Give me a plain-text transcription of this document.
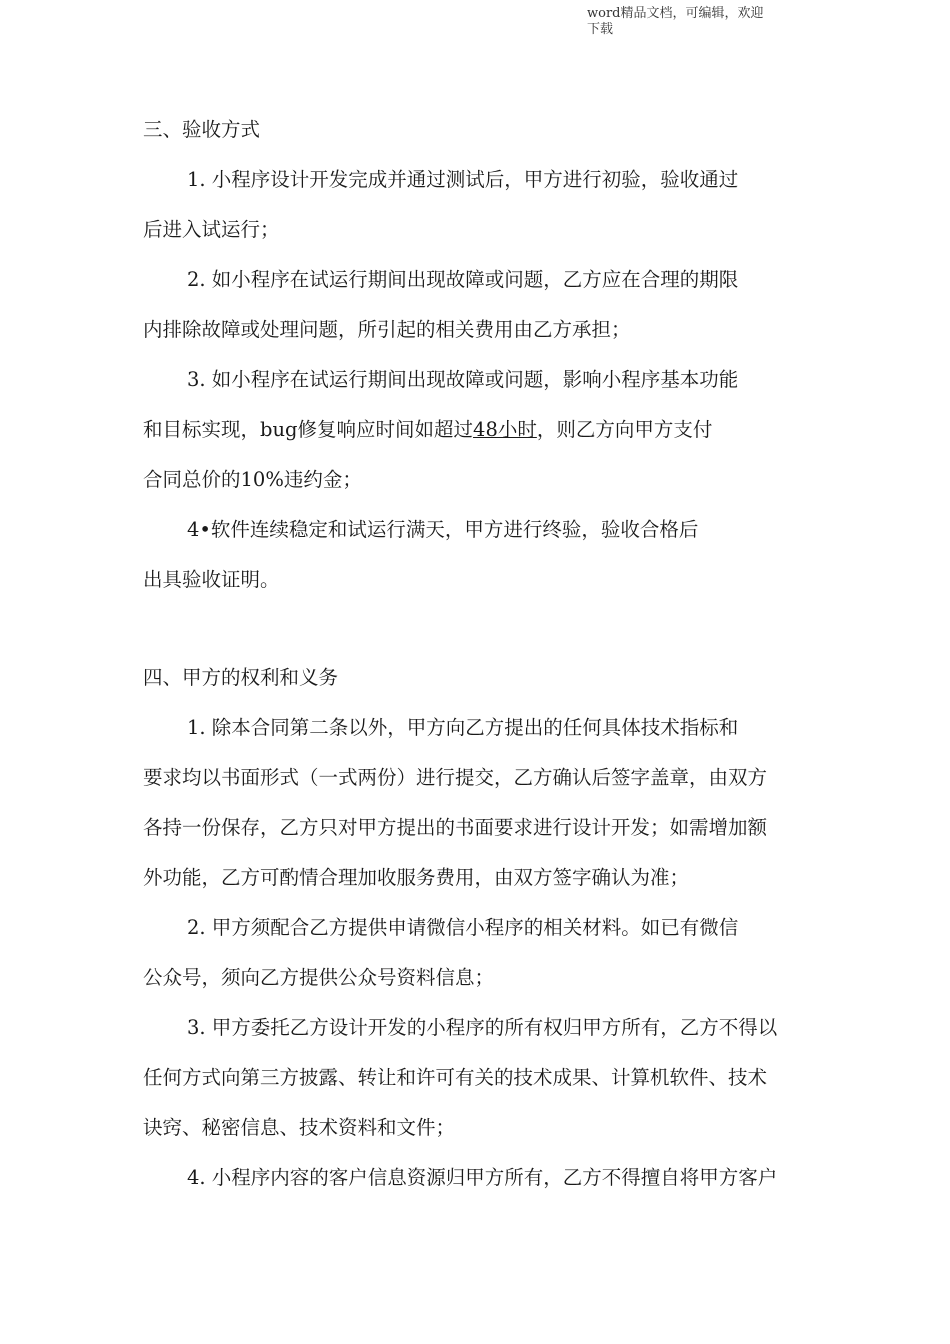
word精品文档，可编辑，欢迎
下载
三、验收方式
1. 小程序设计开发完成并通过测试后，甲方进行初验，验收通过
后进入试运行；
2. 如小程序在试运行期间出现故障或问题，乙方应在合理的期限
内排除故障或处理问题，所引起的相关费用由乙方承担；
3. 如小程序在试运行期间出现故障或问题，影响小程序基本功能
和目标实现，bug修复响应时间如超过48小时，则乙方向甲方支付
合同总价的10%违约金；
4•软件连续稳定和试运行满天，甲方进行终验，验收合格后
出具验收证明。
四、甲方的权利和义务
1. 除本合同第二条以外，甲方向乙方提出的任何具体技术指标和
要求均以书面形式（一式两份）进行提交，乙方确认后签字盖章，由双方
各持一份保存，乙方只对甲方提出的书面要求进行设计开发；如需增加额
外功能，乙方可酌情合理加收服务费用，由双方签字确认为准；
2. 甲方须配合乙方提供申请微信小程序的相关材料。如已有微信
公众号，须向乙方提供公众号资料信息；
3. 甲方委托乙方设计开发的小程序的所有权归甲方所有，乙方不得以
任何方式向第三方披露、转让和许可有关的技术成果、计算机软件、技术
诀窍、秘密信息、技术资料和文件；
4. 小程序内容的客户信息资源归甲方所有，乙方不得擅自将甲方客户
